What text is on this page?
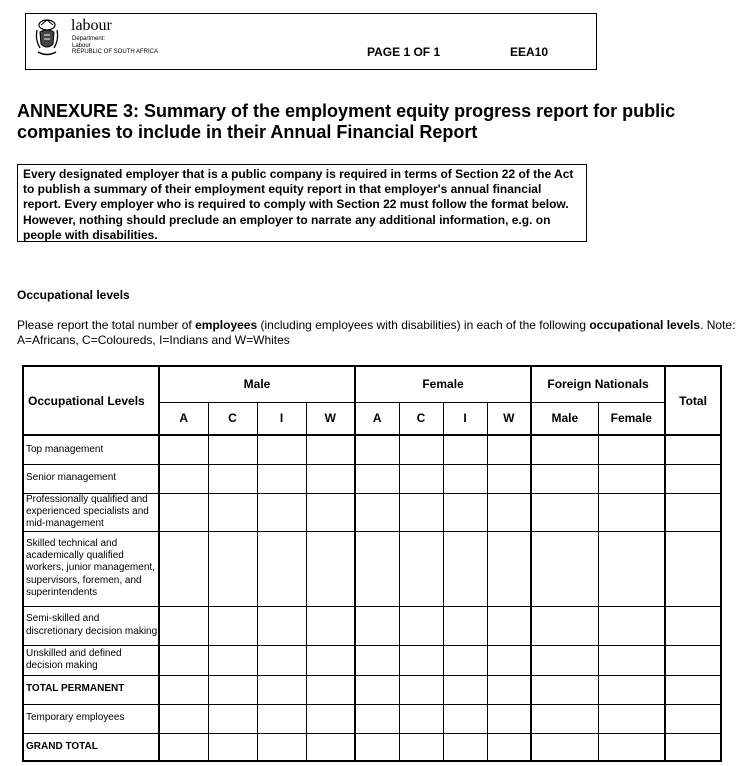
labour
Department:
Labour
REPUBLIC OF SOUTH AFRICA	PAGE 1 OF 1	EEA10
ANNEXURE 3: Summary of the employment equity progress report for public companies to include in their Annual Financial Report
Every designated employer that is a public company is required in terms of Section 22 of the Act to publish a summary of their employment equity report in that employer's annual financial report. Every employer who is required to comply with Section 22 must follow the format below. However, nothing should preclude an employer to narrate any additional information, e.g. on people with disabilities.
Occupational levels

Please report the total number of employees (including employees with disabilities) in each of the following occupational levels. Note: A=Africans, C=Coloureds, I=Indians and W=Whites

Occupational Levels	Male				Female				Foreign Nationals		Total
	A	C	I	W	A	C	I	W	Male	Female	
Top management											
Senior management											
Professionally qualified and experienced specialists and mid-management											
Skilled technical and academically qualified workers, junior management, supervisors, foremen, and superintendents											
Semi-skilled and discretionary decision making											
Unskilled and defined decision making											
TOTAL PERMANENT											
Temporary employees											
GRAND TOTAL											
